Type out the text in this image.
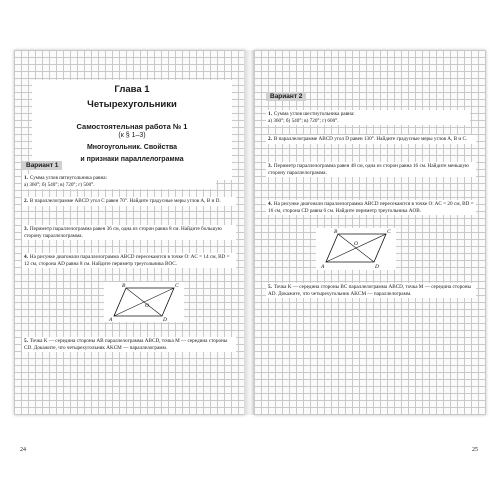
Глава 1
Четырехугольники
Самостоятельная работа № 1
(к § 1–3)
Многоугольник. Свойства
и признаки параллелограмма
Вариант 1
1. Сумма углов пятиугольника равна:
а) 360°; б) 540°; в) 720°; г) 500°.
2. В параллелограмме ABCD угол C равен 70°. Найдите градусные меры углов A, B и D.
3. Периметр параллелограмма равен 36 см, одна из сторон равна 8 см. Найдите большую сторону параллелограмма.
4. На рисунке диагонали параллелограмма ABCD пересекаются в точке O: AC = 14 см, BD = 12 см, сторона AD равна 8 см. Найдите периметр треугольника BOC.
B	C
A	D
O
5. Точка K — середина стороны AB параллелограмма ABCD, точка M — середина стороны CD. Докажите, что четырехугольник AKCM — параллелограмм.
24
Вариант 2
1. Сумма углов шестиугольника равна:
а) 360°; б) 540°; в) 720°; г) 600°.
2. В параллелограмме ABCD угол D равен 130°. Найдите градусные меры углов A, B и C.
3. Периметр параллелограмма равен 48 см, одна из сторон равна 16 см. Найдите меньшую сторону параллелограмма.
4. На рисунке диагонали параллелограмма ABCD пересекаются в точке O: AC = 20 см, BD = 16 см, сторона CD равна 6 см. Найдите периметр треугольника AOB.
B	C
A	D
O
5. Точка K — середина стороны BC параллелограмма ABCD, точка M — середина стороны AD. Докажите, что четырехугольник AKCM — параллелограмм.
25
